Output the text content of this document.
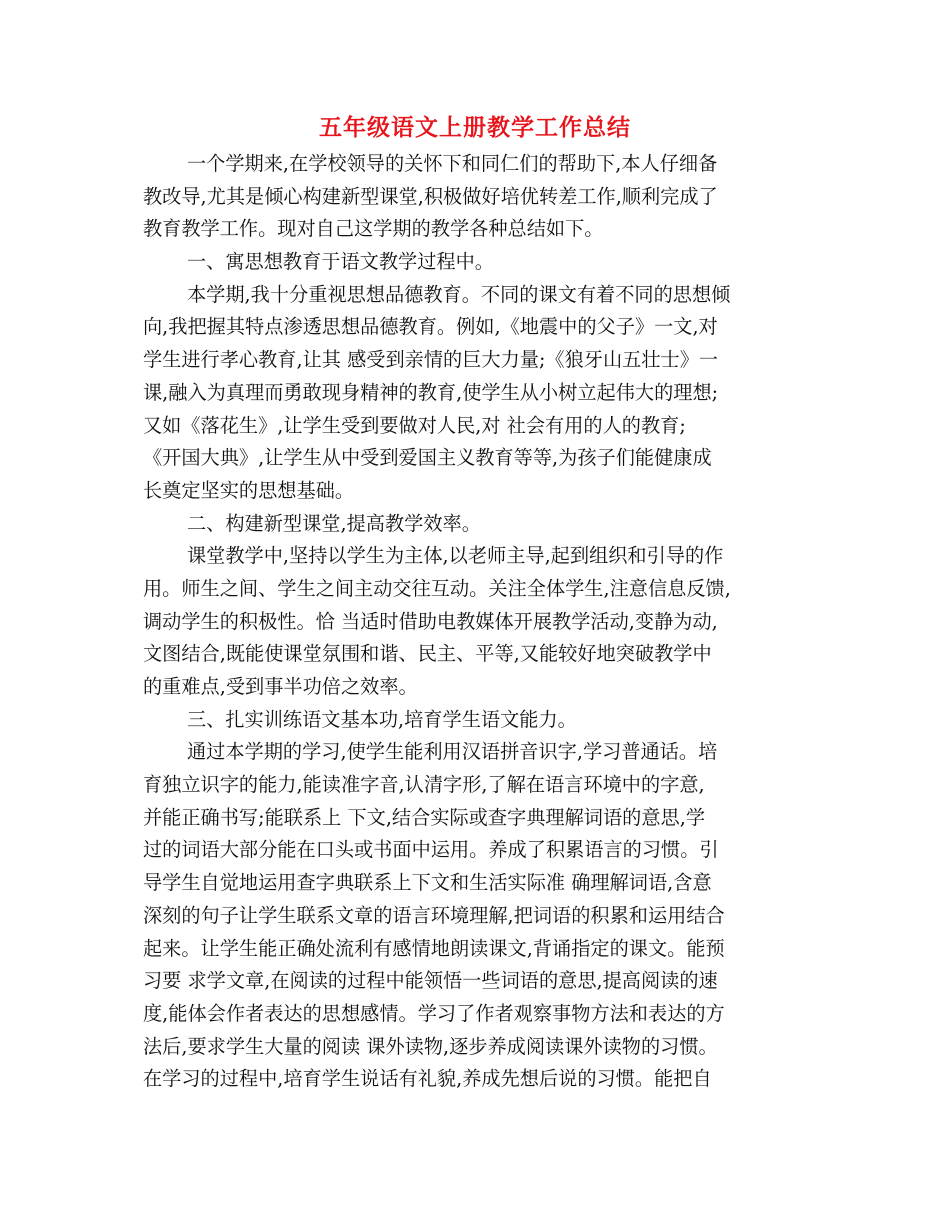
五年级语文上册教学工作总结
一个学期来,在学校领导的关怀下和同仁们的帮助下,本人仔细备
教改导,尤其是倾心构建新型课堂,积极做好培优转差工作,顺利完成了
教育教学工作。现对自己这学期的教学各种总结如下。
一、寓思想教育于语文教学过程中。
本学期,我十分重视思想品德教育。不同的课文有着不同的思想倾
向,我把握其特点渗透思想品德教育。例如,《地震中的父子》一文,对
学生进行孝心教育,让其 感受到亲情的巨大力量;《狼牙山五壮士》一
课,融入为真理而勇敢现身精神的教育,使学生从小树立起伟大的理想;
又如《落花生》,让学生受到要做对人民,对 社会有用的人的教育;
《开国大典》,让学生从中受到爱国主义教育等等,为孩子们能健康成
长奠定坚实的思想基础。
二、构建新型课堂,提高教学效率。
课堂教学中,坚持以学生为主体,以老师主导,起到组织和引导的作
用。师生之间、学生之间主动交往互动。关注全体学生,注意信息反馈,
调动学生的积极性。恰 当适时借助电教媒体开展教学活动,变静为动,
文图结合,既能使课堂氛围和谐、民主、平等,又能较好地突破教学中
的重难点,受到事半功倍之效率。
三、扎实训练语文基本功,培育学生语文能力。
通过本学期的学习,使学生能利用汉语拼音识字,学习普通话。培
育独立识字的能力,能读准字音,认清字形,了解在语言环境中的字意,
并能正确书写;能联系上 下文,结合实际或查字典理解词语的意思,学
过的词语大部分能在口头或书面中运用。养成了积累语言的习惯。引
导学生自觉地运用查字典联系上下文和生活实际准 确理解词语,含意
深刻的句子让学生联系文章的语言环境理解,把词语的积累和运用结合
起来。让学生能正确处流利有感情地朗读课文,背诵指定的课文。能预
习要 求学文章,在阅读的过程中能领悟一些词语的意思,提高阅读的速
度,能体会作者表达的思想感情。学习了作者观察事物方法和表达的方
法后,要求学生大量的阅读 课外读物,逐步养成阅读课外读物的习惯。
在学习的过程中,培育学生说话有礼貌,养成先想后说的习惯。能把自
